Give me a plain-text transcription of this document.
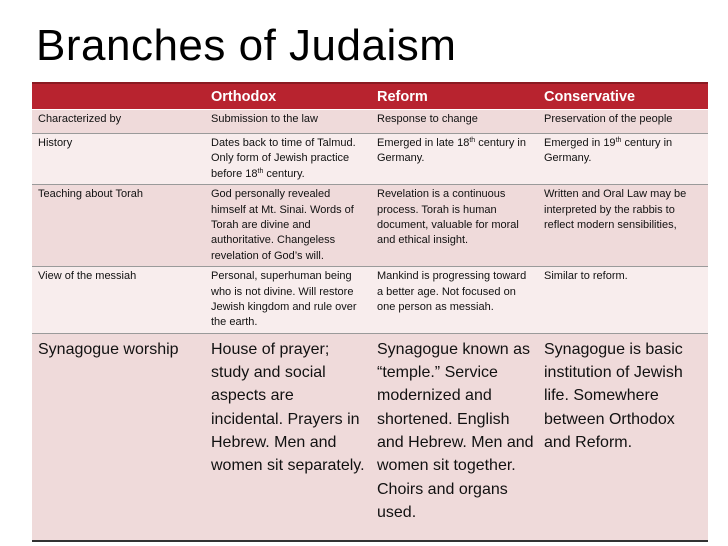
Branches of Judaism
	Orthodox	Reform	Conservative
Characterized by	Submission to the law	Response to change	Preservation of the people
History	Dates back to time of Talmud. Only form of Jewish practice before 18th century.	Emerged in late 18th century in Germany.	Emerged in 19th century in Germany.
Teaching about Torah	God personally revealed himself at Mt. Sinai. Words of Torah are divine and authoritative. Changeless revelation of God’s will.	Revelation is a continuous process. Torah is human document, valuable for moral and ethical insight.	Written and Oral Law may be interpreted by the rabbis to reflect modern sensibilities,
View of the messiah	Personal, superhuman being who is not divine. Will restore Jewish kingdom and rule over the earth.	Mankind is progressing toward a better age. Not focused on one person as messiah.	Similar to reform.
Synagogue worship	House of prayer; study and social aspects are incidental. Prayers in Hebrew. Men and women sit separately.	Synagogue known as “temple.” Service modernized and shortened. English and Hebrew. Men and women sit together. Choirs and organs used.	Synagogue is basic institution of Jewish life. Somewhere between Orthodox and Reform.
